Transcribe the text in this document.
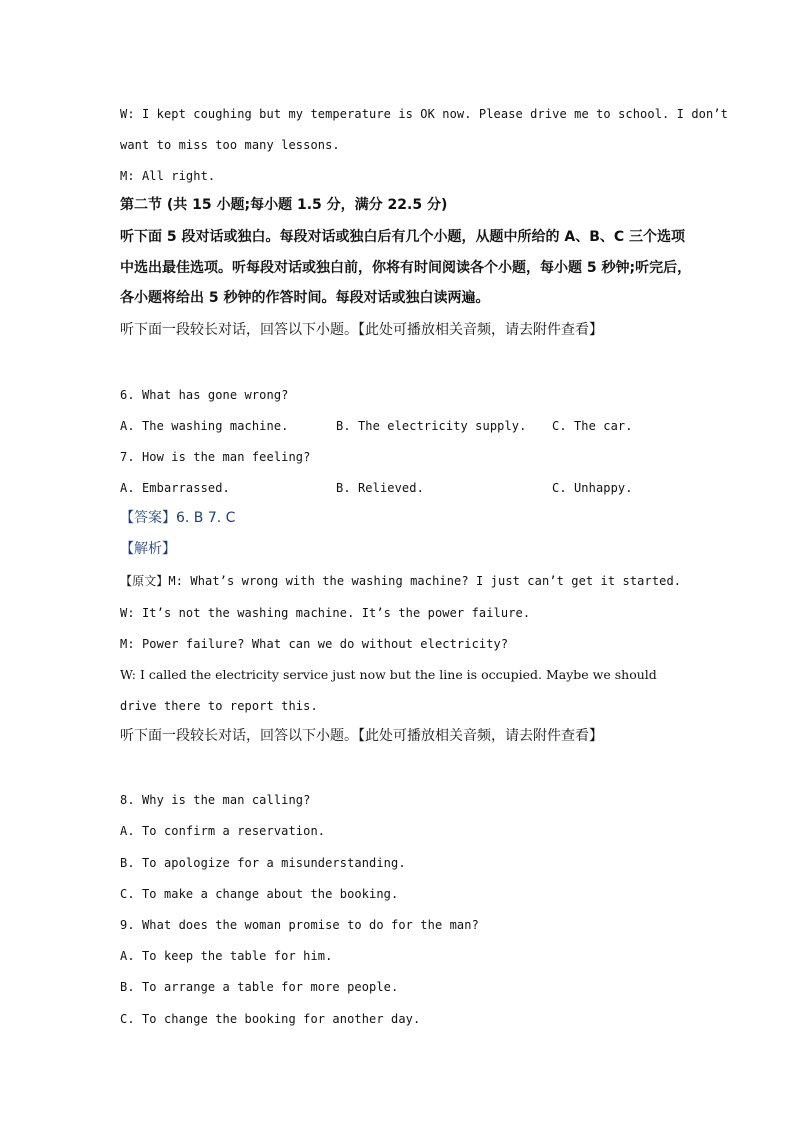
W: I kept coughing but my temperature is OK now. Please drive me to school. I don’t
want to miss too many lessons.
M: All right.
第二节 (共 15 小题;每小题 1.5 分，满分 22.5 分)
听下面 5 段对话或独白。每段对话或独白后有几个小题，从题中所给的 A、B、C 三个选项
中选出最佳选项。听每段对话或独白前，你将有时间阅读各个小题，每小题 5 秒钟;听完后，
各小题将给出 5 秒钟的作答时间。每段对话或独白读两遍。
听下面一段较长对话，回答以下小题。【此处可播放相关音频，请去附件查看】
6. What has gone wrong?
A. The washing machine.	B. The electricity supply. C. The car.
7. How is the man feeling?
A. Embarrassed.	B. Relieved.	C. Unhappy.
【答案】6. B 7. C
【解析】
【原文】M: What’s wrong with the washing machine? I just can’t get it started.
W: It’s not the washing machine. It’s the power failure.
M: Power failure? What can we do without electricity?
W: I called the electricity service just now but the line is occupied. Maybe we should
drive there to report this.
听下面一段较长对话，回答以下小题。【此处可播放相关音频，请去附件查看】
8. Why is the man calling?
A. To confirm a reservation.
B. To apologize for a misunderstanding.
C. To make a change about the booking.
9. What does the woman promise to do for the man?
A. To keep the table for him.
B. To arrange a table for more people.
C. To change the booking for another day.
